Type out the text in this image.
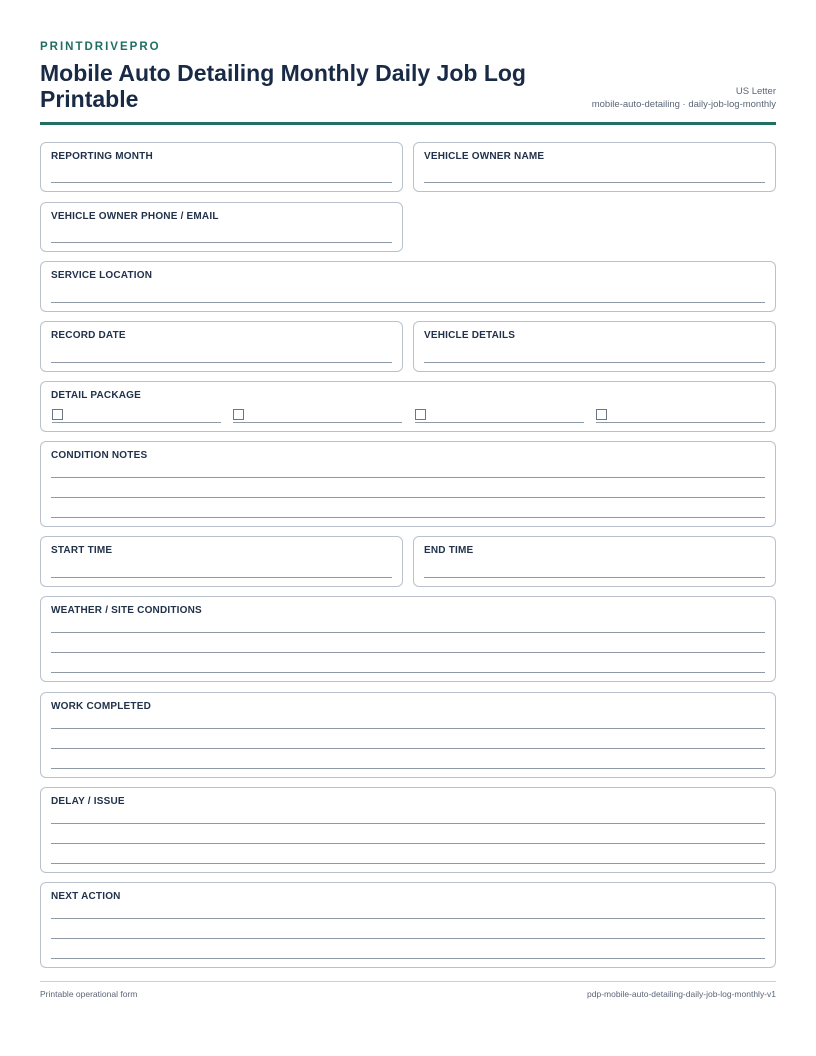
PRINTDRIVEPRO
Mobile Auto Detailing Monthly Daily Job Log Printable	US Letter
mobile-auto-detailing · daily-job-log-monthly
REPORTING MONTH	VEHICLE OWNER NAME
VEHICLE OWNER PHONE / EMAIL
SERVICE LOCATION
RECORD DATE	VEHICLE DETAILS
DETAIL PACKAGE
CONDITION NOTES
START TIME	END TIME
WEATHER / SITE CONDITIONS
WORK COMPLETED
DELAY / ISSUE
NEXT ACTION
Printable operational form	pdp-mobile-auto-detailing-daily-job-log-monthly-v1
